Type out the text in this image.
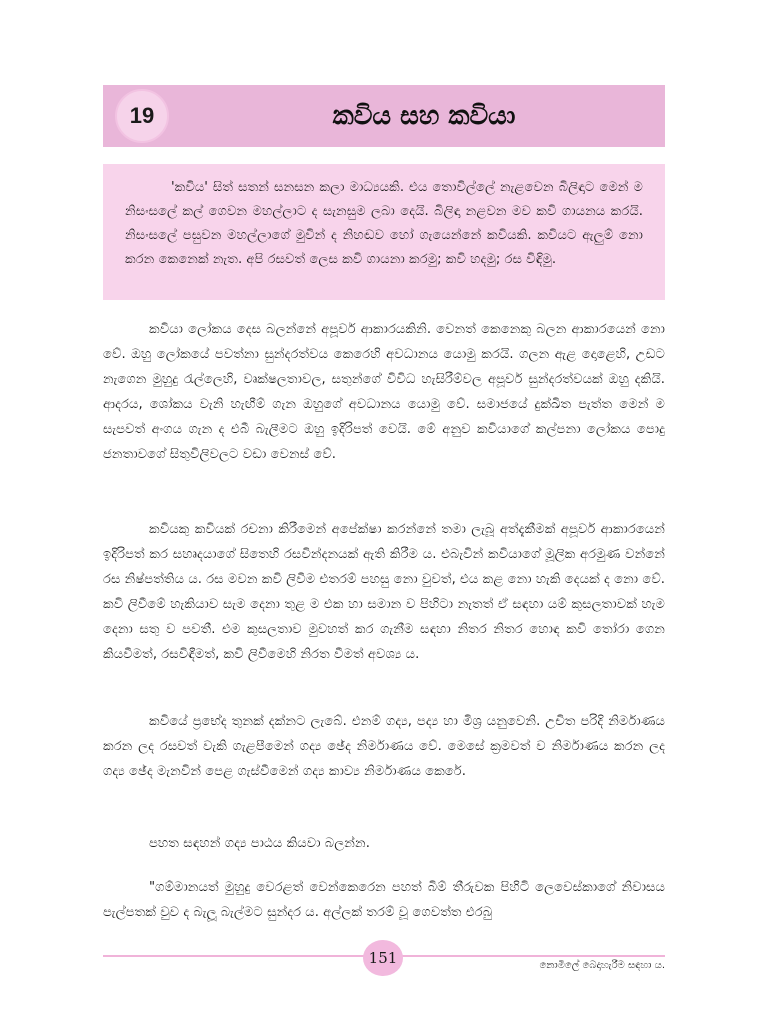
19	කවිය සහ කවියා
'කවිය' සිත් සතන් සනසන කලා මාධ්‍යයකි. එය තොවිල්ලේ නැළවෙන බිලිඳාට මෙන් ම නිසංසලේ කල් ගෙවන මහල්ලාට ද සැනසුම ලබා දෙයි. බිලිඳා නළවන මව කවි ගායනය කරයි. නිසංසලේ පසුවන මහල්ලාගේ මුවින් ද නිහඬව හෝ ගැයෙන්නේ කවියකි. කවියට ඇලුම් නො කරන කෙනෙක් නැත. අපි රසවත් ලෙස කවි ගායනා කරමු; කවි හදමු; රස විඳිමු.

කවියා ලෝකය දෙස බලන්නේ අපූර්ව ආකාරයකිනි. වෙනත් කෙනෙකු බලන ආකාරයෙන් නො වේ. ඔහු ලෝකයේ පවත්නා සුන්දරත්වය කෙරෙහි අවධානය යොමු කරයි. ගලන ඇළ දොළෙහි, උඩට නැගෙන මුහුදු රැල්ලෙහි, වෘක්ෂලතාවල, සතුන්ගේ විවිධ හැසිරීම්වල අපූර්ව සුන්දරත්වයක් ඔහු දකියි. ආදරය, ශෝකය වැනි හැඟීම් ගැන ඔහුගේ අවධානය යොමු වේ. සමාජයේ දුක්ඛිත පැත්ත මෙන් ම සැපවත් අංගය ගැන ද එබී බැලීමට ඔහු ඉදිරිපත් වෙයි. මේ අනුව කවියාගේ කල්පනා ලෝකය පොදු ජනතාවගේ සිතුවිලිවලට වඩා වෙනස් වේ.

කවියකු කවියක් රචනා කිරීමෙන් අපේක්ෂා කරන්නේ තමා ලැබූ අත්දැකීමක් අපූර්ව ආකාරයෙන් ඉදිරිපත් කර සහෘදයාගේ සිතෙහි රසවින්දනයක් ඇති කිරීම ය. එබැවින් කවියාගේ මූලික අරමුණ වන්නේ රස නිෂ්පත්තිය ය. රස මවන කවි ලිවීම එතරම් පහසු නො වුවත්, එය කළ නො හැකි දෙයක් ද නො වේ. කවි ලිවීමේ හැකියාව සැම දෙනා තුළ ම එක හා සමාන ව පිහිටා නැතත් ඒ සඳහා යම් කුසලතාවක් හැම දෙනා සතු ව පවතී. එම කුසලතාව මුවහත් කර ගැනීම සඳහා නිතර නිතර හොඳ කවි තෝරා ගෙන කියවීමත්, රසවිඳීමත්, කවි ලිවීමෙහි නිරත වීමත් අවශ්‍ය ය.

කවියේ ප්‍රභේද තුනක් දක්නට ලැබේ. එනම් ගද්‍ය, පද්‍ය හා මිශ්‍ර යනුවෙනි. උචිත පරිදි නිර්මාණය කරන ලද රසවත් වැකි ගැළපීමෙන් ගද්‍ය ඡේද නිර්මාණය වේ. මෙසේ ක්‍රමවත් ව නිර්මාණය කරන ලද ගද්‍ය ඡේද මැනවින් පෙළ ගැස්වීමෙන් ගද්‍ය කාව්‍ය නිර්මාණය කෙරේ.

පහත සඳහන් ගද්‍ය පාඨය කියවා බලන්න.

"ගම්මානයත් මුහුදු වෙරළත් වෙන්කෙරෙන පහත් බිම් තීරුවක පිහිටි ලෙවෙස්කාගේ නිවාසය පැල්පතක් වුව ද බැලූ බැල්මට සුන්දර ය. අල්ලක් තරම් වූ ගෙවත්ත එරබු

151	නොමිලේ බෙදාහැරීම සඳහා ය.
